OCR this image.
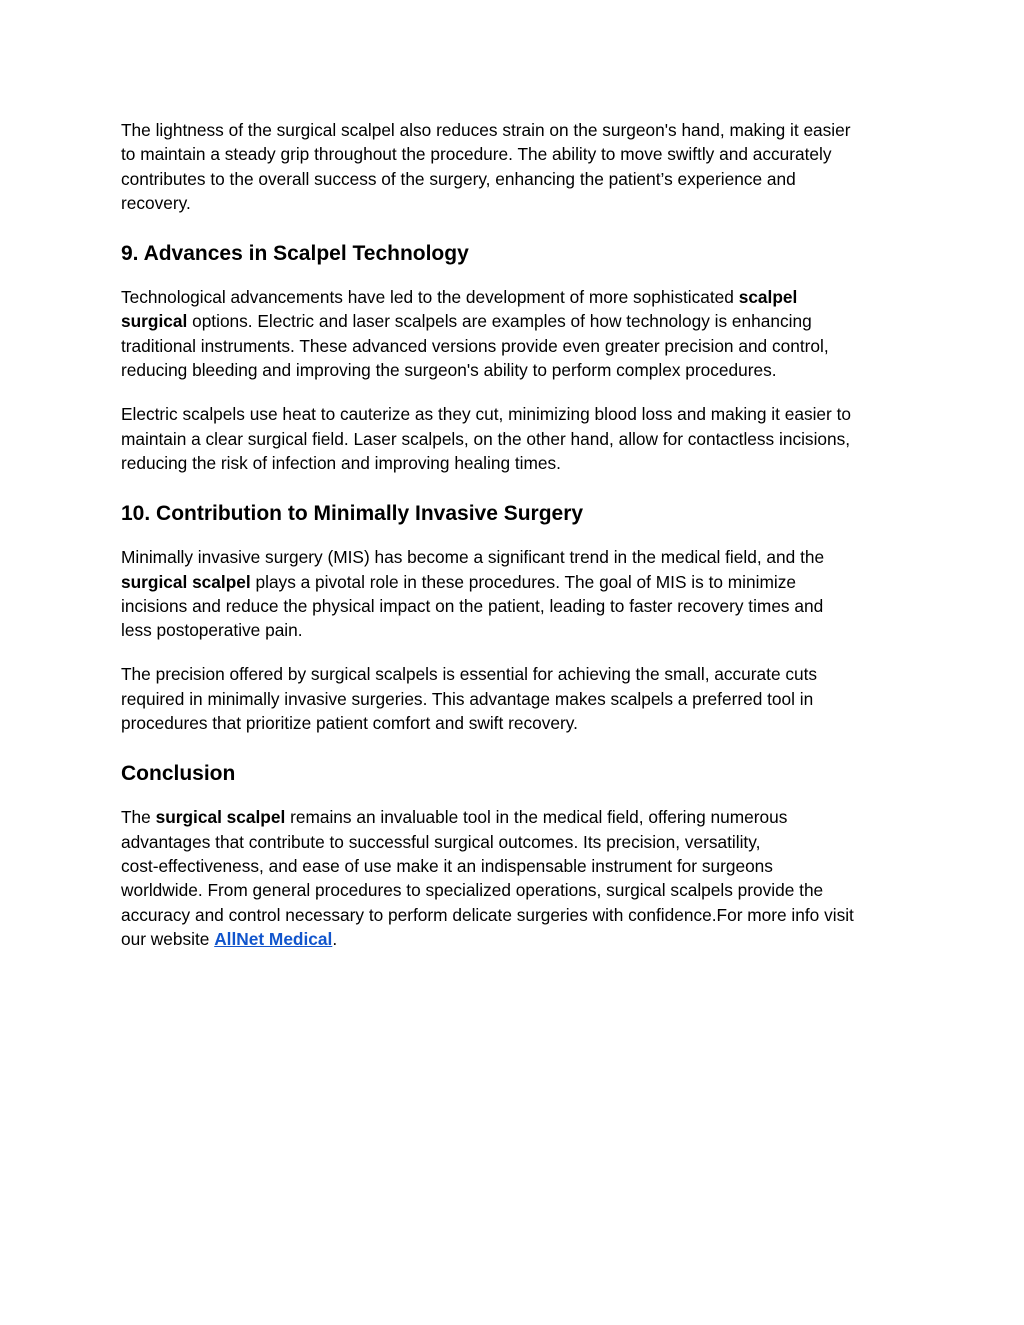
The lightness of the surgical scalpel also reduces strain on the surgeon's hand, making it easier
to maintain a steady grip throughout the procedure. The ability to move swiftly and accurately
contributes to the overall success of the surgery, enhancing the patient’s experience and
recovery.

9. Advances in Scalpel Technology

Technological advancements have led to the development of more sophisticated scalpel
surgical options. Electric and laser scalpels are examples of how technology is enhancing
traditional instruments. These advanced versions provide even greater precision and control,
reducing bleeding and improving the surgeon's ability to perform complex procedures.

Electric scalpels use heat to cauterize as they cut, minimizing blood loss and making it easier to
maintain a clear surgical field. Laser scalpels, on the other hand, allow for contactless incisions,
reducing the risk of infection and improving healing times.

10. Contribution to Minimally Invasive Surgery

Minimally invasive surgery (MIS) has become a significant trend in the medical field, and the
surgical scalpel plays a pivotal role in these procedures. The goal of MIS is to minimize
incisions and reduce the physical impact on the patient, leading to faster recovery times and
less postoperative pain.

The precision offered by surgical scalpels is essential for achieving the small, accurate cuts
required in minimally invasive surgeries. This advantage makes scalpels a preferred tool in
procedures that prioritize patient comfort and swift recovery.

Conclusion

The surgical scalpel remains an invaluable tool in the medical field, offering numerous
advantages that contribute to successful surgical outcomes. Its precision, versatility,
cost-effectiveness, and ease of use make it an indispensable instrument for surgeons
worldwide. From general procedures to specialized operations, surgical scalpels provide the
accuracy and control necessary to perform delicate surgeries with confidence.For more info visit
our website AllNet Medical.
